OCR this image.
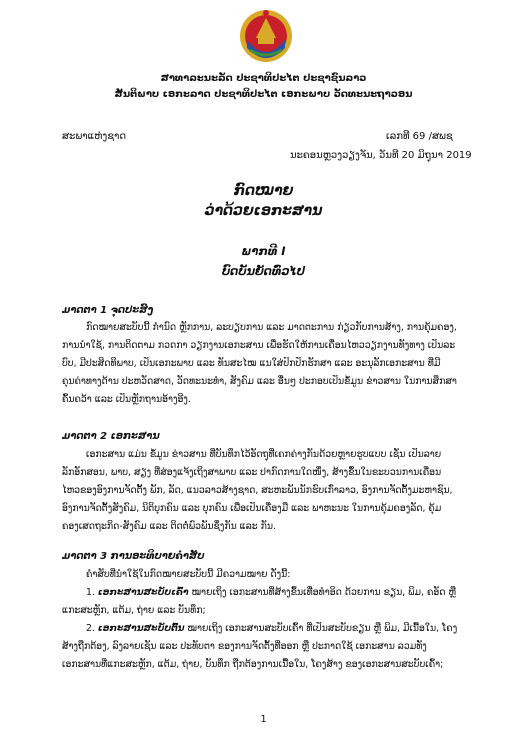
ສາທາລະນະລັດ ປະຊາທິປະໄຕ ປະຊາຊົນລາວ
ສັນຕິພາບ ເອກະລາດ ປະຊາທິປະໄຕ ເອກະພາບ ວັດທະນະຖາວອນ
ສະພາແຫ່ງຊາດ	ເລກທີ 69 /ສພຊ
ນະຄອນຫຼວງວຽງຈັນ, ວັນທີ 20 ມິຖຸນາ 2019
ກົດໝາຍ
ວ່າດ້ວຍເອກະສານ
ພາກທີ I
ບົດບັນຍັດທົ່ວໄປ
ມາດຕາ 1 ຈຸດປະສົງ
ກົດໝາຍສະບັບນີ້ ກຳນົດ ຫຼັກການ, ລະບຽບການ ແລະ ມາດຕະການ ກ່ຽວກັບການສ້າງ, ການຄຸ້ມຄອງ,
ການນຳໃຊ້, ການຕິດຕາມ ກວດກາ ວຽກງານເອກະສານ ເພື່ອຮັດໃຫ້ການເຄື່ອນໄຫວວຽກງານທັງທາງ ເປັນລະ
ບົບ, ມີປະສິດທິພາບ, ເປັນເອກະພາບ ແລະ ທັນສະໄໝ ແນໃສ່ປົກປັກຮັກສາ ແລະ ອະນຸລັກເອກະສານ ທີ່ມີ
ຄຸນຄ່າທາງດ້ານ ປະຫວັດສາດ, ວັດທະນະທຳ, ສັງຄົມ ແລະ ອື່ນໆ ປະກອບເປັນຂໍ້ມູນ ຂ່າວສານ ໃນການສຶກສາ
ຄົ້ນຄວ້າ ແລະ ເປັນຫຼັກຖານອ້າງອີງ.
ມາດຕາ 2 ເອກະສານ
ເອກະສານ ແມ່ນ ຂໍ້ມູນ ຂ່າວສານ ທີ່ບັນທຶກໄວ້ອັດຖຸທີ່ເຄກຄ່າງກັນດ້ວຍຫຼາຍຮູບແບບ ເຊັ່ນ ເປັນລາຍ
ລັກອັກສອນ, ພາບ, ສຽງ ທີ່ສ່ອງແຈ້ງເຖິງສາພາບ ແລະ ປາກົດການໃດໜຶ່ງ, ສ້າງຂຶ້ນໃນຂະບວນການເຄື່ອນ
ໄຫວຂອງອົງການຈັດຕັ້ງ ພັກ, ລັດ, ແນວລາວສ້າງຊາດ, ສະຫະພັນນັກຮົບເກົ່າລາວ, ອົງການຈັດຕັ້ງມະຫາຊົນ,
ອົງການຈັດຕັ້ງສັງຄົມ, ນິຕິບຸກຄົນ ແລະ ບຸກຄົນ ເພື່ອເປັນເຄື່ອງມື ແລະ ພາຫະນະ ໃນການຄຸ້ມຄອງລັດ, ຄຸ້ມ
ຄອງເສດຖະກິດ-ສັງຄົມ ແລະ ຕິດຕໍ່ພົວພັນຊຶ່ງກັນ ແລະ ກັນ.
ມາດຕາ 3 ການອະທິບາຍຄຳສັບ
ຄຳສັບທີ່ນຳໃຊ້ໃນກົດໝາຍສະບັບນີ້ ມີຄວາມໝາຍ ດັ່ງນີ້:
1. ເອກະສານສະບັບເຄົ້າ ໝາຍເຖິງ ເອກະສານທີ່ສ້າງຂຶ້ນເທື່ອທຳອິດ ດ້ວຍການ ຂຽນ, ພິມ, ຄອັດ ຫຼື
ແກະສະຫຼັກ, ແຕ້ມ, ຖ່າຍ ແລະ ບັນທຶກ;
2. ເອກະສານສະບັບຕົ້ນ ໝາຍເຖິງ ເອກະສານສະບັບເຄົ້າ ທີ່ເປັນສະບັບຂຽນ ຫຼື ພິມ, ມີເນື້ອໃນ, ໂຄງ
ສ້າງຖືກຕ້ອງ, ລົງລາຍເຊັນ ແລະ ປະທັບຕາ ຂອງການຈັດຕັ້ງທີ່ອອກ ຫຼື ປະກາດໃຊ້ ເອກະສານ ລວມທັງ
ເອກະສານທີ່ແກະສະຫຼັກ, ແຕ້ມ, ຖ່າຍ, ບັນທຶກ ຖືກຕ້ອງການເນື້ອໃນ, ໂຄງສ້າງ ຂອງເອກະສານສະບັບເຄົ້າ;
1
